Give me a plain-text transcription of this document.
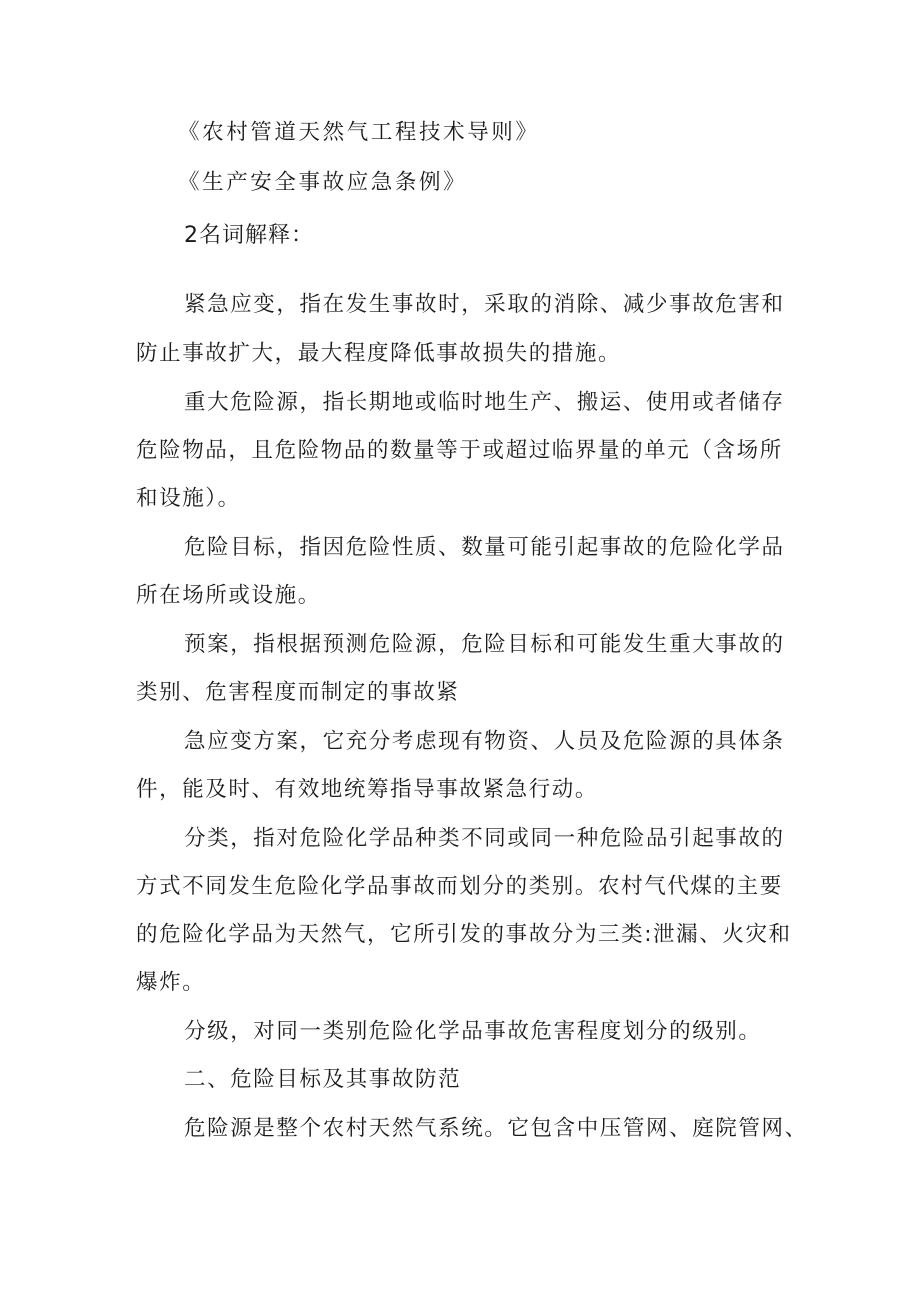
《农村管道天然气工程技术导则》
《生产安全事故应急条例》
2名词解释：
紧急应变，指在发生事故时，采取的消除、减少事故危害和
防止事故扩大，最大程度降低事故损失的措施。
重大危险源，指长期地或临时地生产、搬运、使用或者储存
危险物品，且危险物品的数量等于或超过临界量的单元（含场所
和设施）。
危险目标，指因危险性质、数量可能引起事故的危险化学品
所在场所或设施。
预案，指根据预测危险源，危险目标和可能发生重大事故的
类别、危害程度而制定的事故紧
急应变方案，它充分考虑现有物资、人员及危险源的具体条
件，能及时、有效地统筹指导事故紧急行动。
分类，指对危险化学品种类不同或同一种危险品引起事故的
方式不同发生危险化学品事故而划分的类别。农村气代煤的主要
的危险化学品为天然气，它所引发的事故分为三类:泄漏、火灾和
爆炸。
分级，对同一类别危险化学品事故危害程度划分的级别。
二、危险目标及其事故防范
危险源是整个农村天然气系统。它包含中压管网、庭院管网、
